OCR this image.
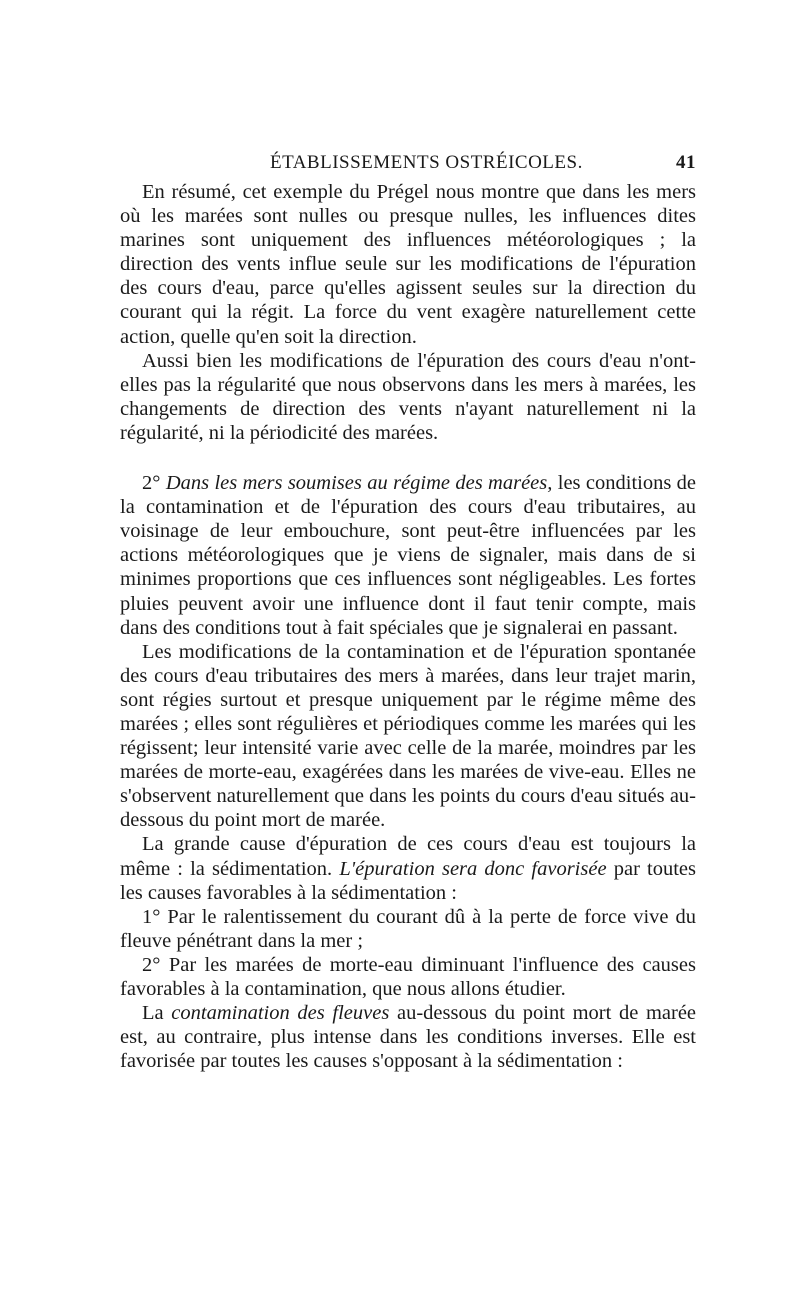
ÉTABLISSEMENTS OSTRÉICOLES.	41

En résumé, cet exemple du Prégel nous montre que dans les mers où les marées sont nulles ou presque nulles, les influences dites marines sont uniquement des influences météorologiques ; la direction des vents influe seule sur les modifications de l'épuration des cours d'eau, parce qu'elles agissent seules sur la direction du courant qui la régit. La force du vent exagère naturellement cette action, quelle qu'en soit la direction.

Aussi bien les modifications de l'épuration des cours d'eau n'ont-elles pas la régularité que nous observons dans les mers à marées, les changements de direction des vents n'ayant naturellement ni la régularité, ni la périodicité des marées.

2° Dans les mers soumises au régime des marées, les conditions de la contamination et de l'épuration des cours d'eau tributaires, au voisinage de leur embouchure, sont peut-être influencées par les actions météorologiques que je viens de signaler, mais dans de si minimes proportions que ces influences sont négligeables. Les fortes pluies peuvent avoir une influence dont il faut tenir compte, mais dans des conditions tout à fait spéciales que je signalerai en passant.

Les modifications de la contamination et de l'épuration spontanée des cours d'eau tributaires des mers à marées, dans leur trajet marin, sont régies surtout et presque uniquement par le régime même des marées ; elles sont régulières et périodiques comme les marées qui les régissent; leur intensité varie avec celle de la marée, moindres par les marées de morte-eau, exagérées dans les marées de vive-eau. Elles ne s'observent naturellement que dans les points du cours d'eau situés au-dessous du point mort de marée.

La grande cause d'épuration de ces cours d'eau est toujours la même : la sédimentation. L'épuration sera donc favorisée par toutes les causes favorables à la sédimentation :

1° Par le ralentissement du courant dû à la perte de force vive du fleuve pénétrant dans la mer ;

2° Par les marées de morte-eau diminuant l'influence des causes favorables à la contamination, que nous allons étudier.

La contamination des fleuves au-dessous du point mort de marée est, au contraire, plus intense dans les conditions inverses. Elle est favorisée par toutes les causes s'opposant à la sédimentation :
